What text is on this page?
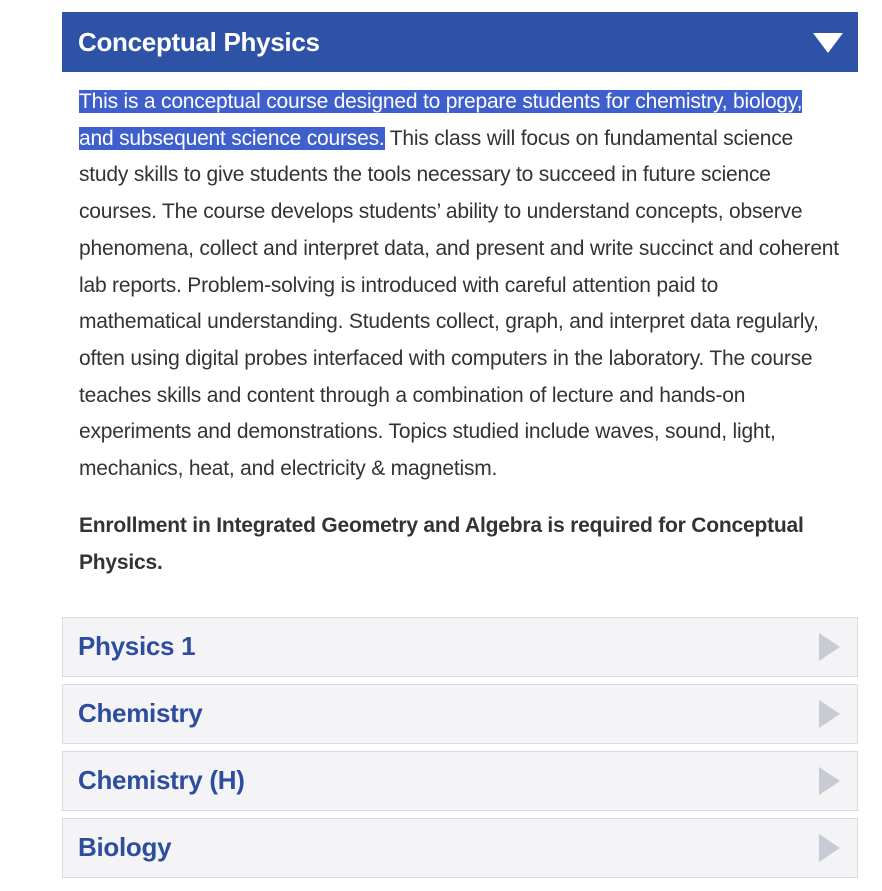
Conceptual Physics

This is a conceptual course designed to prepare students for chemistry, biology, and subsequent science courses. This class will focus on fundamental science study skills to give students the tools necessary to succeed in future science courses. The course develops students’ ability to understand concepts, observe phenomena, collect and interpret data, and present and write succinct and coherent lab reports. Problem-solving is introduced with careful attention paid to mathematical understanding. Students collect, graph, and interpret data regularly, often using digital probes interfaced with computers in the laboratory. The course teaches skills and content through a combination of lecture and hands-on experiments and demonstrations. Topics studied include waves, sound, light, mechanics, heat, and electricity & magnetism.

Enrollment in Integrated Geometry and Algebra is required for Conceptual Physics.

Physics 1
Chemistry
Chemistry (H)
Biology
